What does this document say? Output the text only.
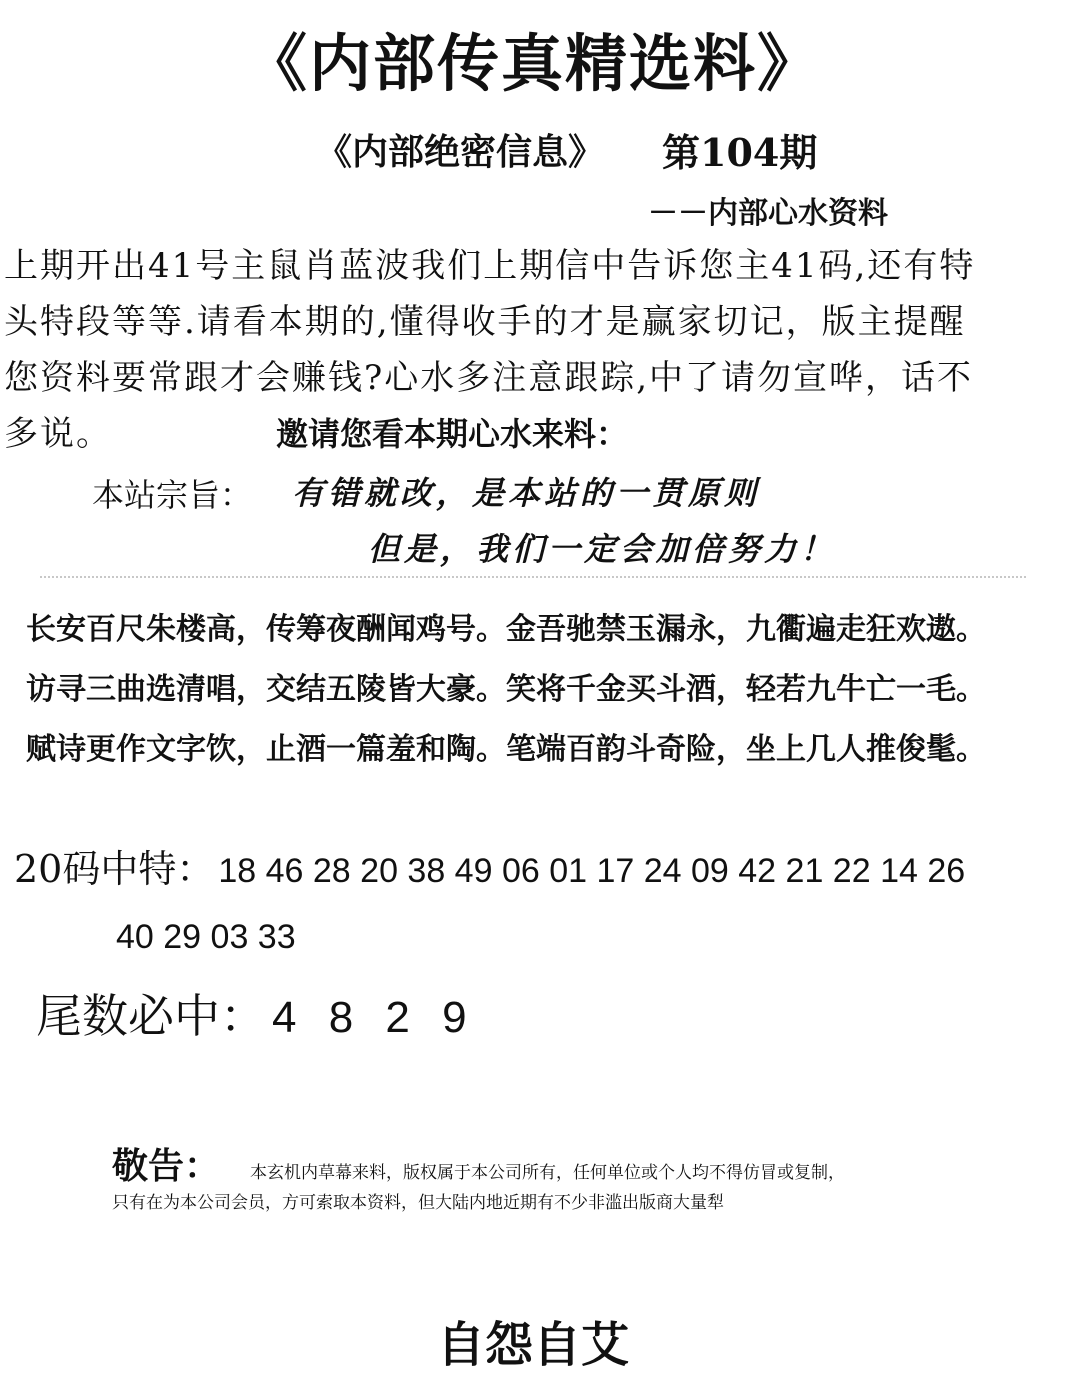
《内部传真精选料》
《内部绝密信息》 第104期
－－内部心水资料
上期开出41号主鼠肖蓝波我们上期信中告诉您主41码,还有特
头特段等等.请看本期的,懂得收手的才是赢家切记，版主提醒
您资料要常跟才会赚钱?心水多注意跟踪,中了请勿宣哗，话不
多说。	邀请您看本期心水来料：
本站宗旨： 有错就改，是本站的一贯原则
但是，我们一定会加倍努力！
长安百尺朱楼高，传筹夜酬闻鸡号。金吾驰禁玉漏永，九衢遍走狂欢遨。
访寻三曲选清唱，交结五陵皆大豪。笑将千金买斗酒，轻若九牛亡一毛。
赋诗更作文字饮，止酒一篇羞和陶。笔端百韵斗奇险，坐上几人推俊髦。
20码中特： 18 46 28 20 38 49 06 01 17 24 09 42 21 22 14 26
40 29 03 33
尾数必中： 4 8 2 9
敬告： 本玄机内草幕来料，版权属于本公司所有，任何单位或个人均不得仿冒或复制，
只有在为本公司会员，方可索取本资料，但大陆内地近期有不少非滥出版商大量犁
自怨自艾
